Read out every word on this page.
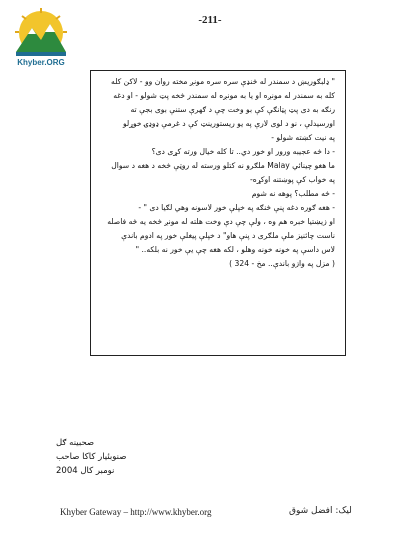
Khyber.ORG
-211-
" ډلبګوریښ د سمندر له څنډې سره سره مونږ مخته روان وو - لاکن کله
کله به سمندر له مونږه او یا به مونږه له سمندر څخه پټ شولو - او دغه
رنګه به دی پټ پټانګې کې بو وخت چې د ګهرې ستنې بوی بجې ته
اورسیدلې ، نو د لوی لارې په یو ریستورینټ کې د غرمې ډوډۍ خوړلو
په نیت کښته شولو -
- دا څه عجیبه ورور او خور دي.. تا کله خیال ورته کړی دی؟
ما هغو چینائي Malay ملګرو نه کتلو ورسته له روټې څخه د هغه د سوال
په خواب کې پوښتنه اوکړه-
- څه مطلب؟ پوهه نه شوم
- هغه ګوره دغه پنې څنګه په خپلې خور لاسونه وهي لګیا دی " -
او زیښتیا خبره هم وه ، ولې چې دې وخت هلته له مونږ څخه یه څه فاصله
ناست چائنیز ملې ملګری د پنې هاو" د خپلې پیغلې خور په ادوم باندې
لاس داسې په خونه خونه وهلو ، لکه هغه چې یې خور نه بلکه.. "
( مزل په وازو باندې.. مخ - 324 )
صحبینه ګل
صنوبئیار کاکا صاحب
نومبر کال 2004
Khyber Gateway – http://www.khyber.org	لیک: افضل شوق
